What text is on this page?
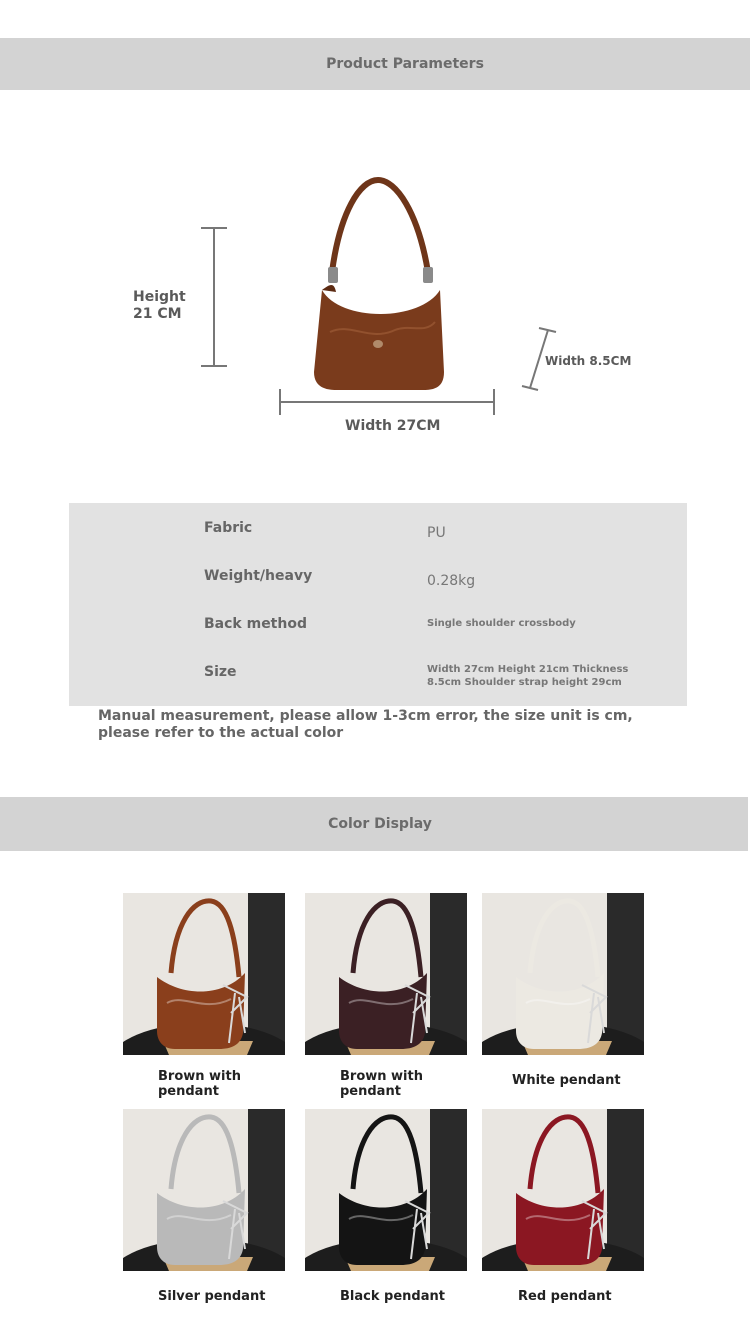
Product Parameters
Height 21 CM
Width 27CM
Width 8.5CM
Fabric	PU
Weight/heavy	0.28kg
Back method	Single shoulder crossbody
Size	Width 27cm Height 21cm Thickness 8.5cm Shoulder strap height 29cm
Manual measurement, please allow 1-3cm error, the size unit is cm, please refer to the actual color
Color Display
Brown with pendant
Brown with pendant
White pendant
Silver pendant	Black pendant	Red pendant
